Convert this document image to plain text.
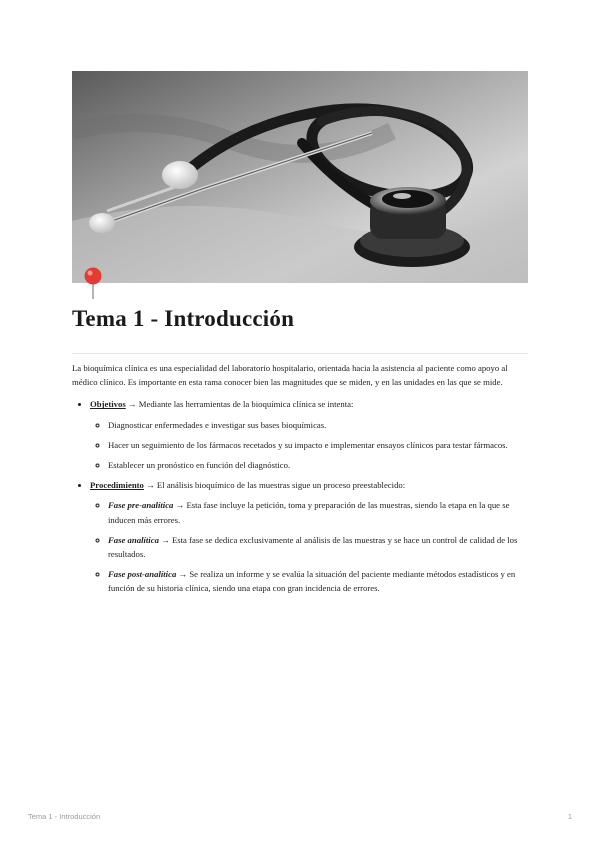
Tema 1 - Introducción

La bioquímica clínica es una especialidad del laboratorio hospitalario, orientada hacia la asistencia al paciente como apoyo al médico clínico. Es importante en esta rama conocer bien las magnitudes que se miden, y en las unidades en las que se mide.

• Objetivos → Mediante las herramientas de la bioquímica clínica se intenta:
◦ Diagnosticar enfermedades e investigar sus bases bioquímicas.
◦ Hacer un seguimiento de los fármacos recetados y su impacto e implementar ensayos clínicos para testar fármacos.
◦ Establecer un pronóstico en función del diagnóstico.
• Procedimiento → El análisis bioquímico de las muestras sigue un proceso preestablecido:
◦ Fase pre-analítica → Esta fase incluye la petición, toma y preparación de las muestras, siendo la etapa en la que se inducen más errores.
◦ Fase analítica → Esta fase se dedica exclusivamente al análisis de las muestras y se hace un control de calidad de los resultados.
◦ Fase post-analítica → Se realiza un informe y se evalúa la situación del paciente mediante métodos estadísticos y en función de su historia clínica, siendo una etapa con gran incidencia de errores.
Tema 1 - Introducción	1
